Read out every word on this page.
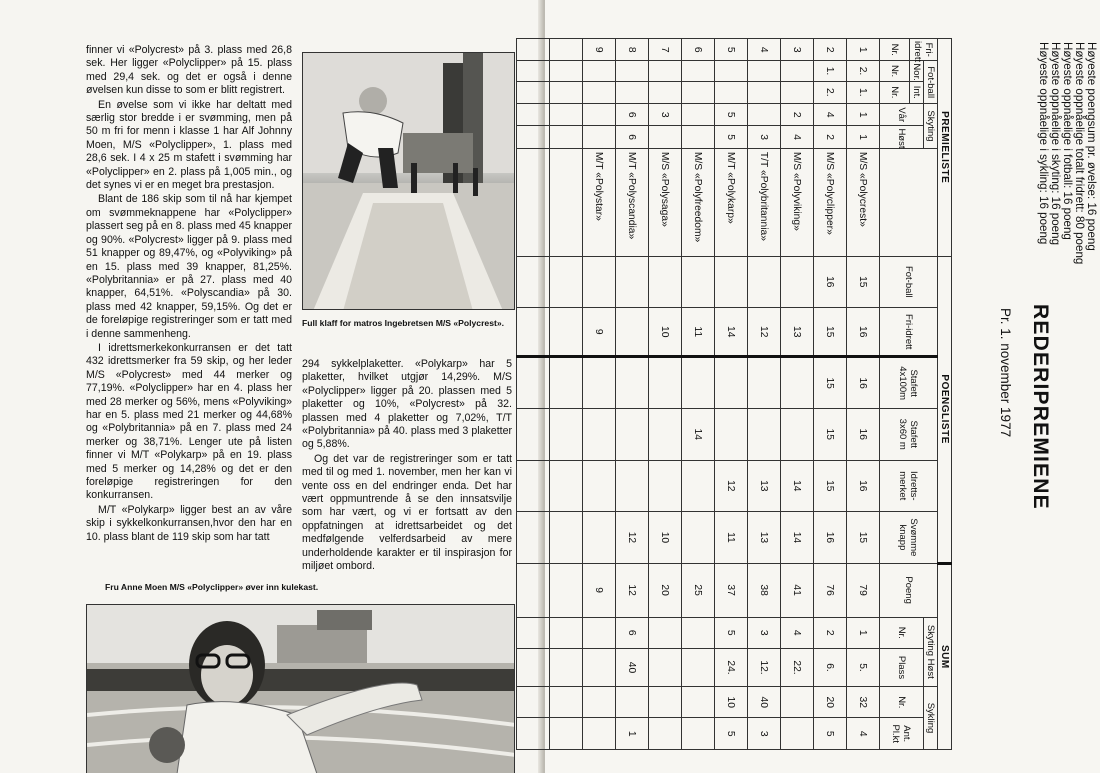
finner vi «Polycrest» på 3. plass med 26,8 sek. Her ligger «Polyclipper» på 15. plass med 29,4 sek. og det er også i denne øvelsen kun disse to som er blitt registrert.

En øvelse som vi ikke har deltatt med særlig stor bredde i er svømming, men på 50 m fri for menn i klasse 1 har Alf Johnny Moen, M/S «Polyclipper», 1. plass med 28,6 sek. I 4 x 25 m stafett i svømming har «Polyclipper» en 2. plass på 1,005 min., og det synes vi er en meget bra prestasjon.

Blant de 186 skip som til nå har kjempet om svømmeknappene har «Polyclipper» plassert seg på en 8. plass med 45 knapper og 90%. «Polycrest» ligger på 9. plass med 51 knapper og 89,47%, og «Polyviking» på en 15. plass med 39 knapper, 81,25%. «Polybritannia» er på 27. plass med 40 knapper, 64,51%. «Polyscandia» på 30. plass med 42 knapper, 59,15%. Og det er de foreløpige registreringer som er tatt med i denne sammenheng.

I idrettsmerkekonkurransen er det tatt 432 idrettsmerker fra 59 skip, og her leder M/S «Polycrest» med 44 merker og 77,19%. «Polyclipper» har en 4. plass her med 28 merker og 56%, mens «Polyviking» har en 5. plass med 21 merker og 44,68% og «Polybritannia» på en 7. plass med 24 merker og 38,71%. Lenger ute på listen finner vi M/T «Polykarp» på en 19. plass med 5 merker og 14,28% og det er den foreløpige registreringen for den konkurransen.

M/T «Polykarp» ligger best an av våre skip i sykkelkonkurransen,hvor den har en 10. plass blant de 119 skip som har tatt

Full klaff for matros Ingebretsen M/S «Polycrest».

294 sykkelplaketter. «Polykarp» har 5 plaketter, hvilket utgjør 14,29%. M/S «Polyclipper» ligger på 20. plassen med 5 plaketter og 10%, «Polycrest» på 32. plassen med 4 plaketter og 7,02%, T/T «Polybritannia» på 40. plass med 3 plaketter og 5,88%.

Og det var de registreringer som er tatt med til og med 1. november, men her kan vi vente oss en del endringer enda. Det har vært oppmuntrende å se den innsatsvilje som har vært, og vi er fortsatt av den oppfatningen at idrettsarbeidet og det medfølgende velferdsarbeid av mere underholdende karakter er til inspirasjon for miljøet ombord.

Fru Anne Moen M/S «Polyclipper» øver inn kulekast.
Høyeste poengsum pr. øvelse: 16 poeng
Høyeste oppnåelige totalt fridrett: 80 poeng
Høyeste oppnåelige i fotball: 16 poeng
Høyeste oppnåelige i skyting: 16 poeng
Høyeste oppnåelige i sykling: 16 poeng
REDERIPREMIENE
Pr. 1. november 1977
PREMIELISTE						POENGLISTE						SUM				
Fri-idrett	Fot-ball		Skyting			Fot-ball	Fri-idrett	Stafett 4x100m	Stafett 3x60 m	Idretts-merket	Svømme knapp	Poeng	Skyting Høst		Sykling	
	Nor.	Int.	Vår	Høst									Nr.	Plass	Nr.	Ant. Pl.kt
Nr.	Nr.	Nr.														
1	2.	1.	1	1	M/S «Polycrest»	15	16	16	16	16	15	79	1	5.	32	4
2	1.	2.	4	2	M/S «Polyclipper»	16	15	15	15	15	16	76	2	6.	20	5
3			2	4	M/S «Polyviking»		13			14	14	41	4	22.		
4				3	T/T «Polybritannia»		12			13	13	38	3	12.	40	3
5			5	5	M/T «Polykarp»		14			12	11	37	5	24.	10	5
6					M/S «Polyfreedom»		11		14			25				
7			3		M/S «Polysaga»		10				10	20				
8			6	6	M/T «Polyscandia»						12	12	6	40		1
9					M/T «Polystar»		9					9				
